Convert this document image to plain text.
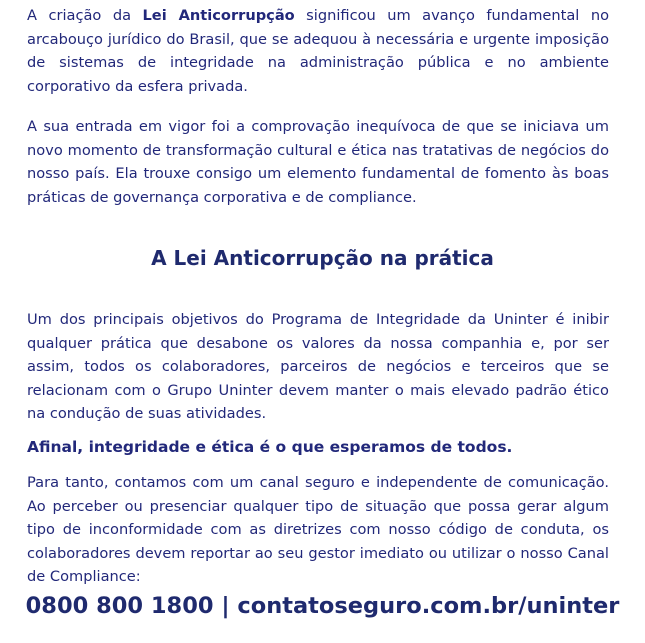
A criação da Lei Anticorrupção significou um avanço fundamental no arcabouço jurídico do Brasil, que se adequou à necessária e urgente imposição de sistemas de integridade na administração pública e no ambiente corporativo da esfera privada.

A sua entrada em vigor foi a comprovação inequívoca de que se iniciava um novo momento de transformação cultural e ética nas tratativas de negócios do nosso país. Ela trouxe consigo um elemento fundamental de fomento às boas práticas de governança corporativa e de compliance.

A Lei Anticorrupção na prática

Um dos principais objetivos do Programa de Integridade da Uninter é inibir qualquer prática que desabone os valores da nossa companhia e, por ser assim, todos os colaboradores, parceiros de negócios e terceiros que se relacionam com o Grupo Uninter devem manter o mais elevado padrão ético na condução de suas atividades.

Afinal, integridade e ética é o que esperamos de todos.

Para tanto, contamos com um canal seguro e independente de comunicação. Ao perceber ou presenciar qualquer tipo de situação que possa gerar algum tipo de inconformidade com as diretrizes com nosso código de conduta, os colaboradores devem reportar ao seu gestor imediato ou utilizar o nosso Canal de Compliance:

0800 800 1800 | contatoseguro.com.br/uninter
